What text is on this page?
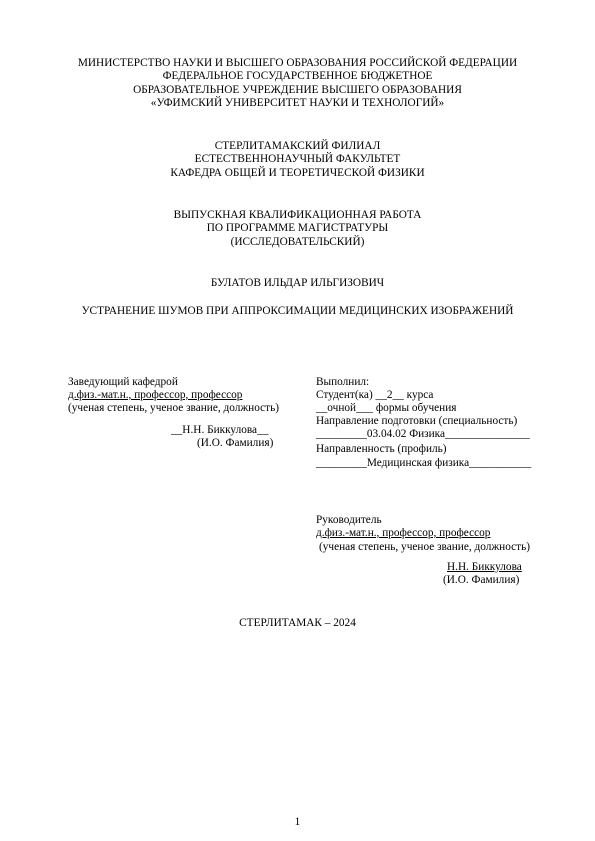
МИНИСТЕРСТВО НАУКИ И ВЫСШЕГО ОБРАЗОВАНИЯ РОССИЙСКОЙ ФЕДЕРАЦИИ
ФЕДЕРАЛЬНОЕ ГОСУДАРСТВЕННОЕ БЮДЖЕТНОЕ
ОБРАЗОВАТЕЛЬНОЕ УЧРЕЖДЕНИЕ ВЫСШЕГО ОБРАЗОВАНИЯ
«УФИМСКИЙ УНИВЕРСИТЕТ НАУКИ И ТЕХНОЛОГИЙ»
СТЕРЛИТАМАКСКИЙ ФИЛИАЛ
ЕСТЕСТВЕННОНАУЧНЫЙ ФАКУЛЬТЕТ
КАФЕДРА ОБЩЕЙ И ТЕОРЕТИЧЕСКОЙ ФИЗИКИ
ВЫПУСКНАЯ КВАЛИФИКАЦИОННАЯ РАБОТА
ПО ПРОГРАММЕ МАГИСТРАТУРЫ
(ИССЛЕДОВАТЕЛЬСКИЙ)
БУЛАТОВ ИЛЬДАР ИЛЬГИЗОВИЧ
УСТРАНЕНИЕ ШУМОВ ПРИ АППРОКСИМАЦИИ МЕДИЦИНСКИХ ИЗОБРАЖЕНИЙ
Заведующий кафедрой
д.физ.-мат.н., профессор, профессор
(ученая степень, ученое звание, должность)
__Н.Н. Биккулова__
(И.О. Фамилия)
Выполнил:
Студент(ка) __2__ курса
__очной___ формы обучения
Направление подготовки (специальность)
_________03.04.02 Физика_______________
Направленность (профиль)
_________Медицинская физика___________
Руководитель
д.физ.-мат.н., профессор, профессор
(ученая степень, ученое звание, должность)
Н.Н. Биккулова
(И.О. Фамилия)
СТЕРЛИТАМАК – 2024
1
